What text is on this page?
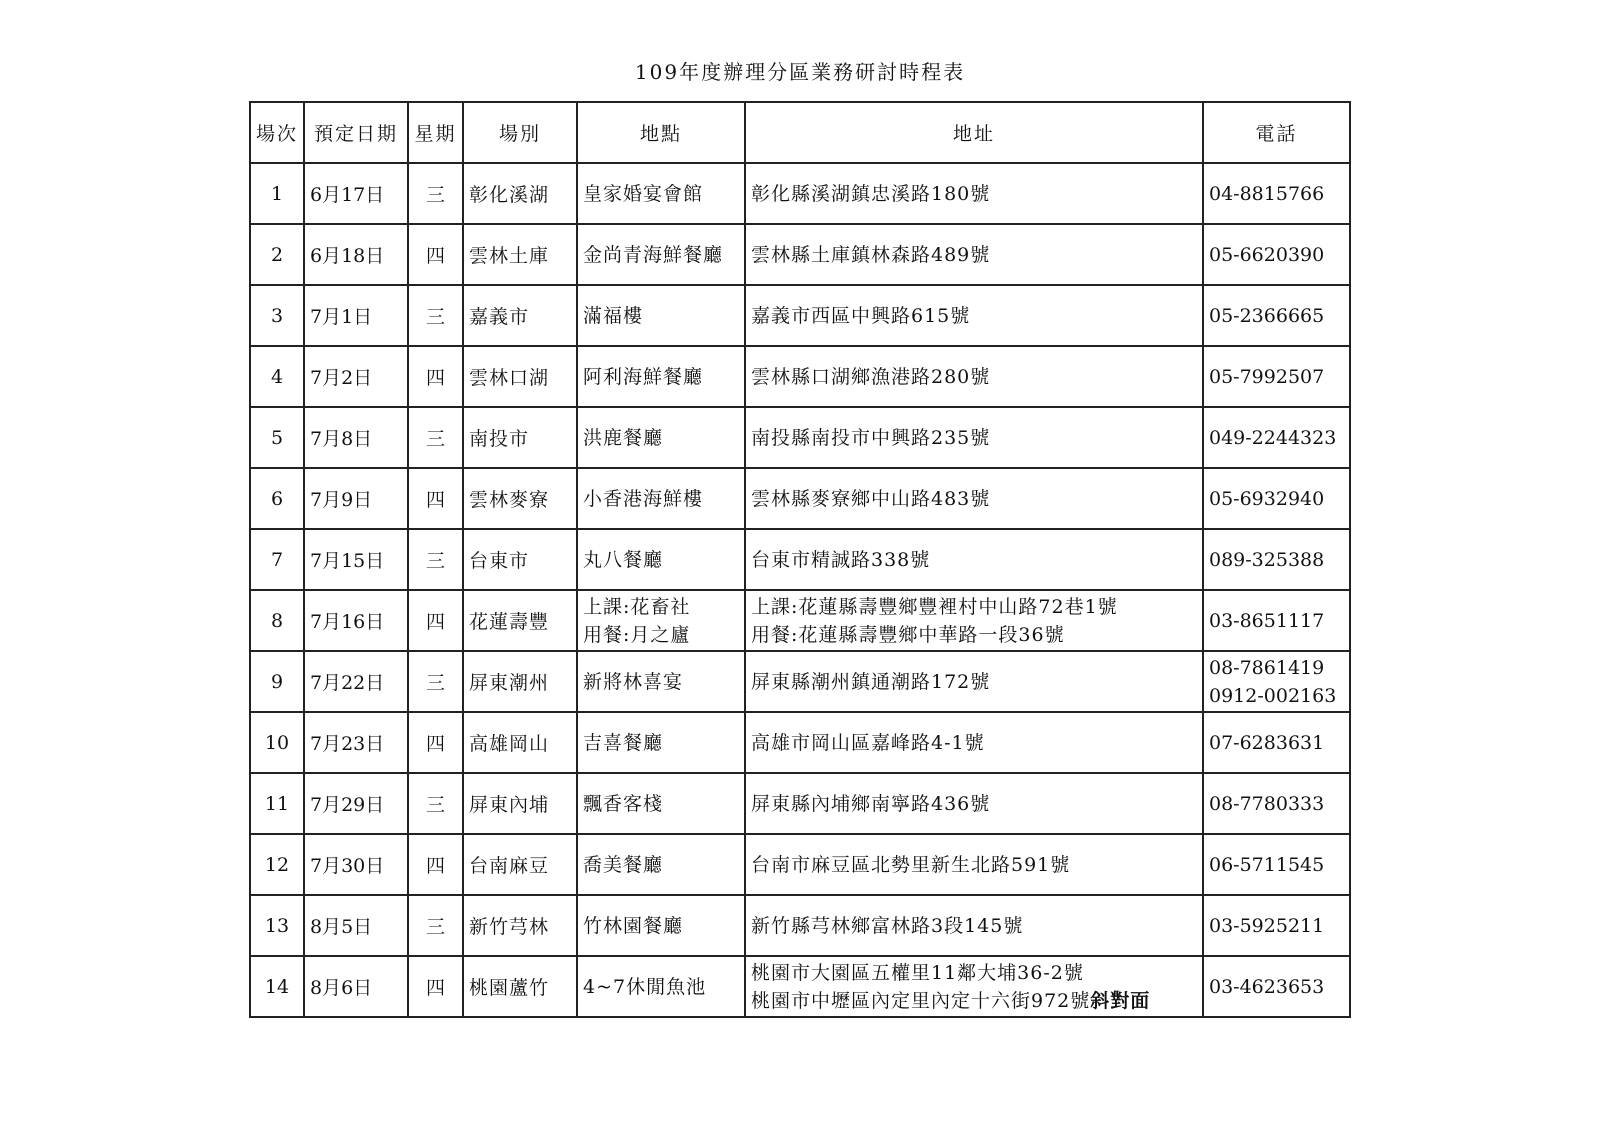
109年度辦理分區業務研討時程表
場次	預定日期	星期	場別	地點	地址	電話
1	6月17日	三	彰化溪湖	皇家婚宴會館	彰化縣溪湖鎮忠溪路180號	04-8815766

2	6月18日	四	雲林土庫	金尚青海鮮餐廳	雲林縣土庫鎮林森路489號	05-6620390

3	7月1日	三	嘉義市	滿福樓	嘉義市西區中興路615號	05-2366665

4	7月2日	四	雲林口湖	阿利海鮮餐廳	雲林縣口湖鄉漁港路280號	05-7992507

5	7月8日	三	南投市	洪鹿餐廳	南投縣南投市中興路235號	049-2244323

6	7月9日	四	雲林麥寮	小香港海鮮樓	雲林縣麥寮鄉中山路483號	05-6932940

7	7月15日	三	台東市	丸八餐廳	台東市精誠路338號	089-325388

8	7月16日	四	花蓮壽豐	上課:花畜社
用餐:月之廬	上課:花蓮縣壽豐鄉豐裡村中山路72巷1號
用餐:花蓮縣壽豐鄉中華路一段36號	03-8651117

9	7月22日	三	屏東潮州	新將林喜宴	屏東縣潮州鎮通潮路172號	08-7861419
0912-002163

10	7月23日	四	高雄岡山	吉喜餐廳	高雄市岡山區嘉峰路4-1號	07-6283631

11	7月29日	三	屏東內埔	飄香客棧	屏東縣內埔鄉南寧路436號	08-7780333

12	7月30日	四	台南麻豆	喬美餐廳	台南市麻豆區北勢里新生北路591號	06-5711545

13	8月5日	三	新竹芎林	竹林園餐廳	新竹縣芎林鄉富林路3段145號	03-5925211

14	8月6日	四	桃園蘆竹	4~7休閒魚池	桃園市大園區五權里11鄰大埔36-2號
桃園市中壢區內定里內定十六街972號斜對面	03-4623653
